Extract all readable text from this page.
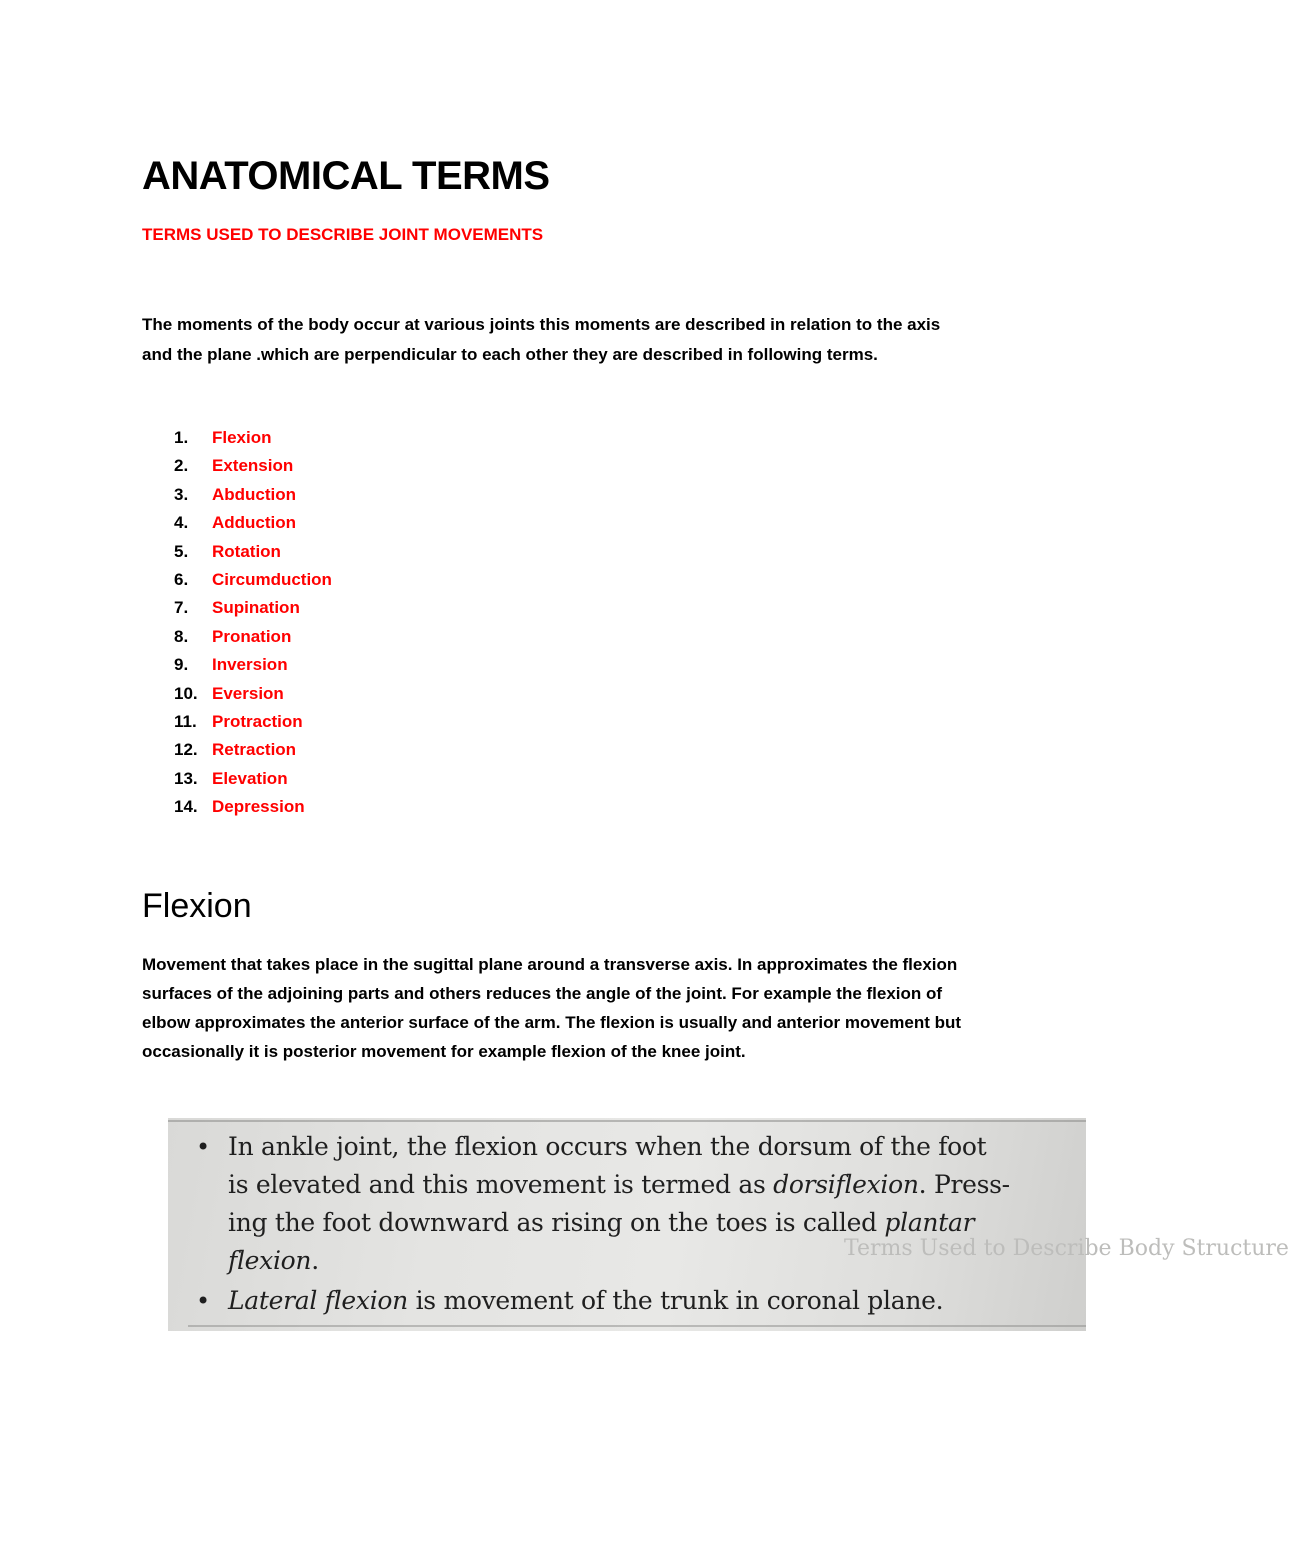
ANATOMICAL TERMS
TERMS USED TO DESCRIBE JOINT MOVEMENTS

The moments of the body occur at various joints this moments are described in relation to the axis
and the plane .which are perpendicular to each other they are described in following terms.

1.	Flexion
2.	Extension
3.	Abduction
4.	Adduction
5.	Rotation
6.	Circumduction
7.	Supination
8.	Pronation
9.	Inversion
10. Eversion
11. Protraction
12. Retraction
13. Elevation
14. Depression
Flexion

Movement that takes place in the sugittal plane around a transverse axis. In approximates the flexion
surfaces of the adjoining parts and others reduces the angle of the joint. For example the flexion of
elbow approximates the anterior surface of the arm. The flexion is usually and anterior movement but
occasionally it is posterior movement for example flexion of the knee joint.

Terms Used to Describe Body Structure
• In ankle joint, the flexion occurs when the dorsum of the foot
is elevated and this movement is termed as dorsiflexion. Press-
ing the foot downward as rising on the toes is called plantar
flexion.
• Lateral flexion is movement of the trunk in coronal plane.
